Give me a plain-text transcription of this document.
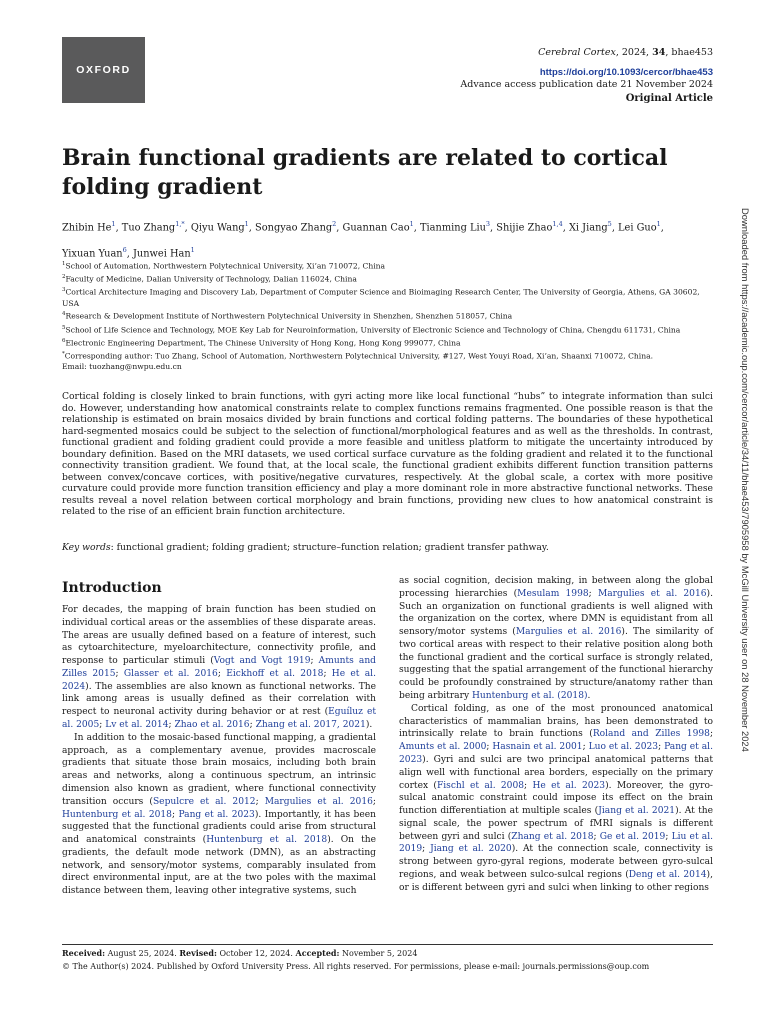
OXFORD
Cerebral Cortex, 2024, 34, bhae453
https://doi.org/10.1093/cercor/bhae453
Advance access publication date 21 November 2024
Original Article
Brain functional gradients are related to cortical folding gradient
Zhibin He$^1$, Tuo Zhang$^{1,*}$, Qiyu Wang$^1$, Songyao Zhang$^2$, Guannan Cao$^1$, Tianming Liu$^3$, Shijie Zhao$^{1,4}$, Xi Jiang$^5$, Lei Guo$^1$,
Yixuan Yuan$^6$, Junwei Han$^1$
$^1$School of Automation, Northwestern Polytechnical University, Xi’an 710072, China
$^2$Faculty of Medicine, Dalian University of Technology, Dalian 116024, China
$^3$Cortical Architecture Imaging and Discovery Lab, Department of Computer Science and Bioimaging Research Center, The University of Georgia, Athens, GA 30602, USA
$^4$Research & Development Institute of Northwestern Polytechnical University in Shenzhen, Shenzhen 518057, China
$^5$School of Life Science and Technology, MOE Key Lab for Neuroinformation, University of Electronic Science and Technology of China, Chengdu 611731, China
$^6$Electronic Engineering Department, The Chinese University of Hong Kong, Hong Kong 999077, China
*Corresponding author: Tuo Zhang, School of Automation, Northwestern Polytechnical University, #127, West Youyi Road, Xi’an, Shaanxi 710072, China.
Email: tuozhang@nwpu.edu.cn

Cortical folding is closely linked to brain functions, with gyri acting more like local functional “hubs” to integrate information than sulci do. However, understanding how anatomical constraints relate to complex functions remains fragmented. One possible reason is that the relationship is estimated on brain mosaics divided by brain functions and cortical folding patterns. The boundaries of these hypothetical hard-segmented mosaics could be subject to the selection of functional/morphological features and as well as the thresholds. In contrast, functional gradient and folding gradient could provide a more feasible and unitless platform to mitigate the uncertainty introduced by boundary definition. Based on the MRI datasets, we used cortical surface curvature as the folding gradient and related it to the functional connectivity transition gradient. We found that, at the local scale, the functional gradient exhibits different function transition patterns between convex/concave cortices, with positive/negative curvatures, respectively. At the global scale, a cortex with more positive curvature could provide more function transition efficiency and play a more dominant role in more abstractive functional networks. These results reveal a novel relation between cortical morphology and brain functions, providing new clues to how anatomical constraint is related to the rise of an efficient brain function architecture.

Key words: functional gradient; folding gradient; structure–function relation; gradient transfer pathway.
Introduction

For decades, the mapping of brain function has been studied on individual cortical areas or the assemblies of these disparate areas. The areas are usually defined based on a feature of interest, such as cytoarchitecture, myeloarchitecture, connectivity profile, and response to particular stimuli (Vogt and Vogt 1919; Amunts and Zilles 2015; Glasser et al. 2016; Eickhoff et al. 2018; He et al. 2024). The assemblies are also known as functional networks. The link among areas is usually defined as their correlation with respect to neuronal activity during behavior or at rest (Eguíluz et al. 2005; Lv et al. 2014; Zhao et al. 2016; Zhang et al. 2017, 2021).

In addition to the mosaic-based functional mapping, a gradiental approach, as a complementary avenue, provides macroscale gradients that situate those brain mosaics, including both brain areas and networks, along a continuous spectrum, an intrinsic dimension also known as gradient, where functional connectivity transition occurs (Sepulcre et al. 2012; Margulies et al. 2016; Huntenburg et al. 2018; Pang et al. 2023). Importantly, it has been suggested that the functional gradients could arise from structural and anatomical constraints (Huntenburg et al. 2018). On the gradients, the default mode network (DMN), as an abstracting network, and sensory/motor systems, comparably insulated from direct environmental input, are at the two poles with the maximal distance between them, leaving other integrative systems, such

as social cognition, decision making, in between along the global processing hierarchies (Mesulam 1998; Margulies et al. 2016). Such an organization on functional gradients is well aligned with the organization on the cortex, where DMN is equidistant from all sensory/motor systems (Margulies et al. 2016). The similarity of two cortical areas with respect to their relative position along both the functional gradient and the cortical surface is strongly related, suggesting that the spatial arrangement of the functional hierarchy could be profoundly constrained by structure/anatomy rather than being arbitrary Huntenburg et al. (2018).

Cortical folding, as one of the most pronounced anatomical characteristics of mammalian brains, has been demonstrated to intrinsically relate to brain functions (Roland and Zilles 1998; Amunts et al. 2000; Hasnain et al. 2001; Luo et al. 2023; Pang et al. 2023). Gyri and sulci are two principal anatomical patterns that align well with functional area borders, especially on the primary cortex (Fischl et al. 2008; He et al. 2023). Moreover, the gyro-sulcal anatomic constraint could impose its effect on the brain function differentiation at multiple scales (Jiang et al. 2021). At the signal scale, the power spectrum of fMRI signals is different between gyri and sulci (Zhang et al. 2018; Ge et al. 2019; Liu et al. 2019; Jiang et al. 2020). At the connection scale, connectivity is strong between gyro-gyral regions, moderate between gyro-sulcal regions, and weak between sulco-sulcal regions (Deng et al. 2014), or is different between gyri and sulci when linking to other regions

Received: August 25, 2024. Revised: October 12, 2024. Accepted: November 5, 2024
© The Author(s) 2024. Published by Oxford University Press. All rights reserved. For permissions, please e-mail: journals.permissions@oup.com
Downloaded from https://academic.oup.com/cercor/article/34/11/bhae453/7905958 by McGill University user on 28 November 2024
